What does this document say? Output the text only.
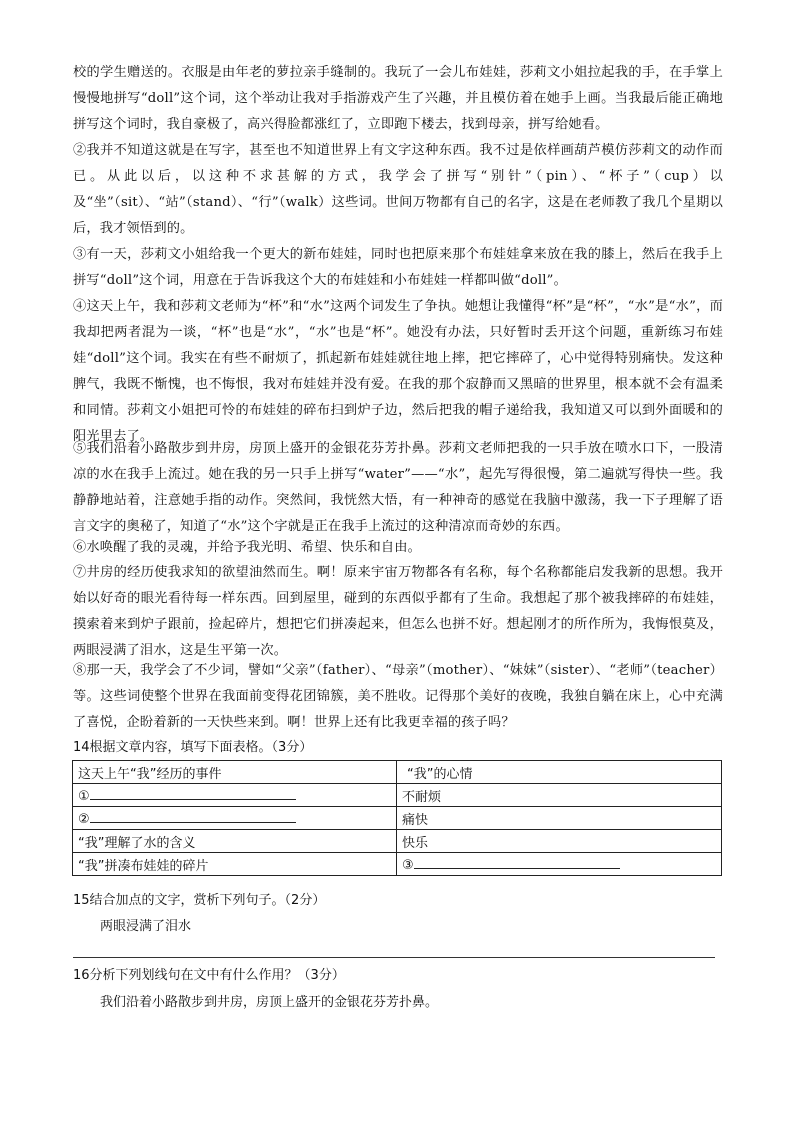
校的学生赠送的。衣服是由年老的萝拉亲手缝制的。我玩了一会儿布娃娃，莎莉文小姐拉起我的手，在手掌上慢慢地拼写“doll”这个词，这个举动让我对手指游戏产生了兴趣，并且模仿着在她手上画。当我最后能正确地拼写这个词时，我自豪极了，高兴得脸都涨红了，立即跑下楼去，找到母亲，拼写给她看。
②我并不知道这就是在写字，甚至也不知道世界上有文字这种东西。我不过是依样画葫芦模仿莎莉文的动作而已。从此以后，以这种不求甚解的方式，我学会了拼写“别针”（pin）、“杯子”（cup）以及“坐”（sit）、“站”（stand）、“行”（walk）这些词。世间万物都有自己的名字，这是在老师教了我几个星期以后，我才领悟到的。
③有一天，莎莉文小姐给我一个更大的新布娃娃，同时也把原来那个布娃娃拿来放在我的膝上，然后在我手上拼写“doll”这个词，用意在于告诉我这个大的布娃娃和小布娃娃一样都叫做“doll”。
④这天上午，我和莎莉文老师为“杯”和“水”这两个词发生了争执。她想让我懂得“杯”是“杯”，“水”是“水”，而我却把两者混为一谈，“杯”也是“水”，“水”也是“杯”。她没有办法，只好暂时丢开这个问题，重新练习布娃娃“doll”这个词。我实在有些不耐烦了，抓起新布娃娃就往地上摔，把它摔碎了，心中觉得特别痛快。发这种脾气，我既不惭愧，也不悔恨，我对布娃娃并没有爱。在我的那个寂静而又黑暗的世界里，根本就不会有温柔和同情。莎莉文小姐把可怜的布娃娃的碎布扫到炉子边，然后把我的帽子递给我，我知道又可以到外面暖和的阳光里去了。
⑤我们沿着小路散步到井房，房顶上盛开的金银花芬芳扑鼻。莎莉文老师把我的一只手放在喷水口下，一股清凉的水在我手上流过。她在我的另一只手上拼写“water”——“水”，起先写得很慢，第二遍就写得快一些。我静静地站着，注意她手指的动作。突然间，我恍然大悟，有一种神奇的感觉在我脑中激荡，我一下子理解了语言文字的奥秘了，知道了“水”这个字就是正在我手上流过的这种清凉而奇妙的东西。
⑥水唤醒了我的灵魂，并给予我光明、希望、快乐和自由。
⑦井房的经历使我求知的欲望油然而生。啊！原来宇宙万物都各有名称，每个名称都能启发我新的思想。我开始以好奇的眼光看待每一样东西。回到屋里，碰到的东西似乎都有了生命。我想起了那个被我摔碎的布娃娃，摸索着来到炉子跟前，捡起碎片，想把它们拼凑起来，但怎么也拼不好。想起刚才的所作所为，我悔恨莫及，两眼浸满了泪水，这是生平第一次。
⑧那一天，我学会了不少词，譬如“父亲”（father）、“母亲”（mother）、“妹妹”（sister）、“老师”（teacher）等。这些词使整个世界在我面前变得花团锦簇，美不胜收。记得那个美好的夜晚，我独自躺在床上，心中充满了喜悦，企盼着新的一天快些来到。啊！世界上还有比我更幸福的孩子吗？
14根据文章内容，填写下面表格。（3分）
这天上午“我”经历的事件	“我”的心情
①	不耐烦
②	痛快
“我”理解了水的含义	快乐
“我”拼凑布娃娃的碎片	③
15结合加点的文字，赏析下列句子。（2分）
两眼浸满了泪水
16分析下列划线句在文中有什么作用？（3分）
我们沿着小路散步到井房，房顶上盛开的金银花芬芳扑鼻。
